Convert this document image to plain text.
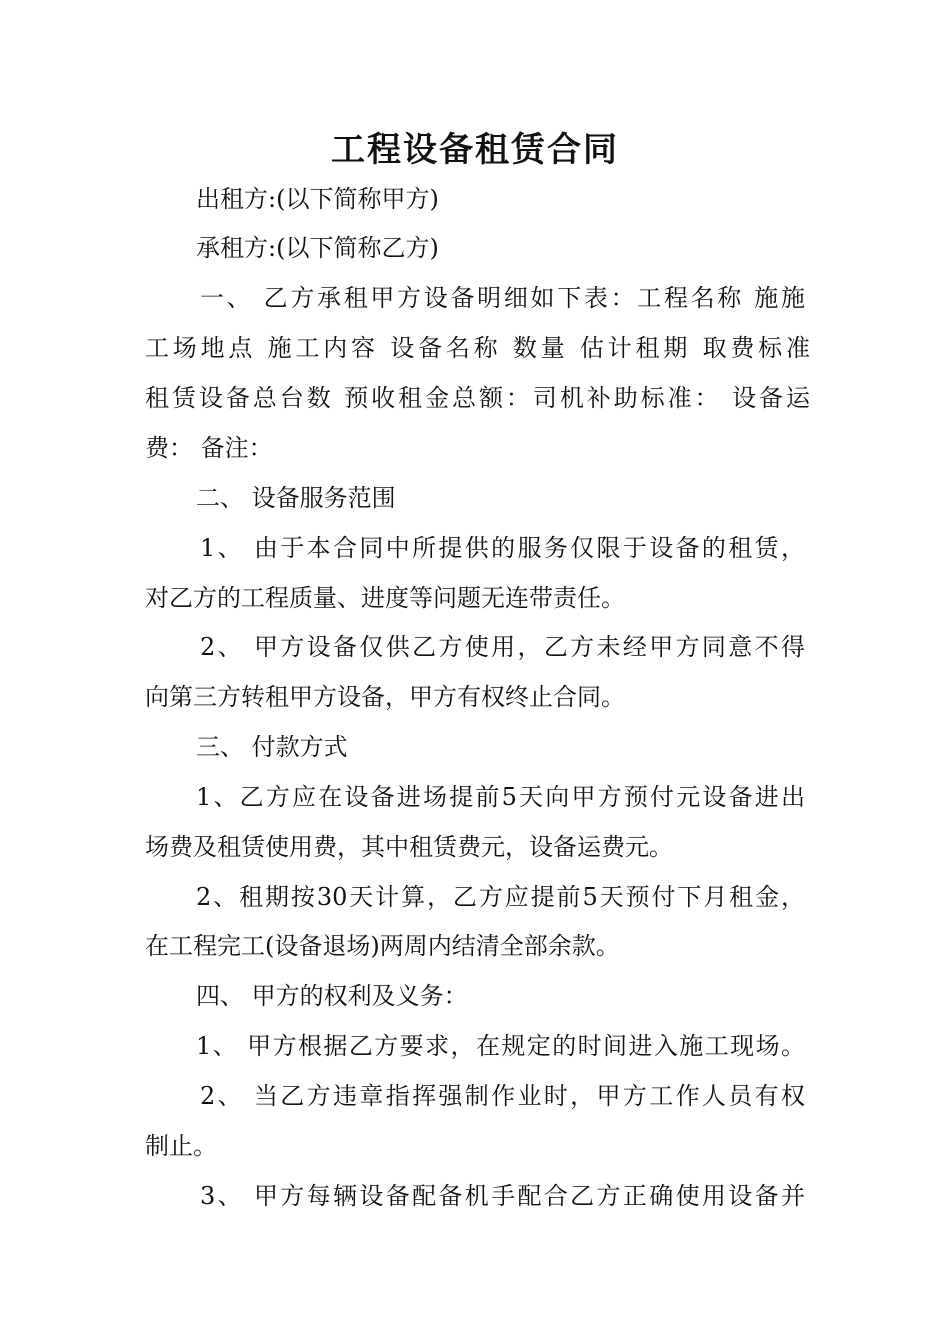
工程设备租赁合同

出租方:(以下简称甲方)

承租方:(以下简称乙方)

一、 乙方承租甲方设备明细如下表：工程名称 施施

工场地点 施工内容 设备名称 数量 估计租期 取费标准

租赁设备总台数 预收租金总额：司机补助标准： 设备运

费： 备注：

二、 设备服务范围

1、 由于本合同中所提供的服务仅限于设备的租赁，

对乙方的工程质量、进度等问题无连带责任。

2、 甲方设备仅供乙方使用，乙方未经甲方同意不得

向第三方转租甲方设备，甲方有权终止合同。

三、 付款方式

1、乙方应在设备进场提前5天向甲方预付元设备进出

场费及租赁使用费，其中租赁费元，设备运费元。

2、租期按30天计算，乙方应提前5天预付下月租金，

在工程完工(设备退场)两周内结清全部余款。

四、 甲方的权利及义务：

1、 甲方根据乙方要求，在规定的时间进入施工现场。

2、 当乙方违章指挥强制作业时，甲方工作人员有权

制止。

3、 甲方每辆设备配备机手配合乙方正确使用设备并
